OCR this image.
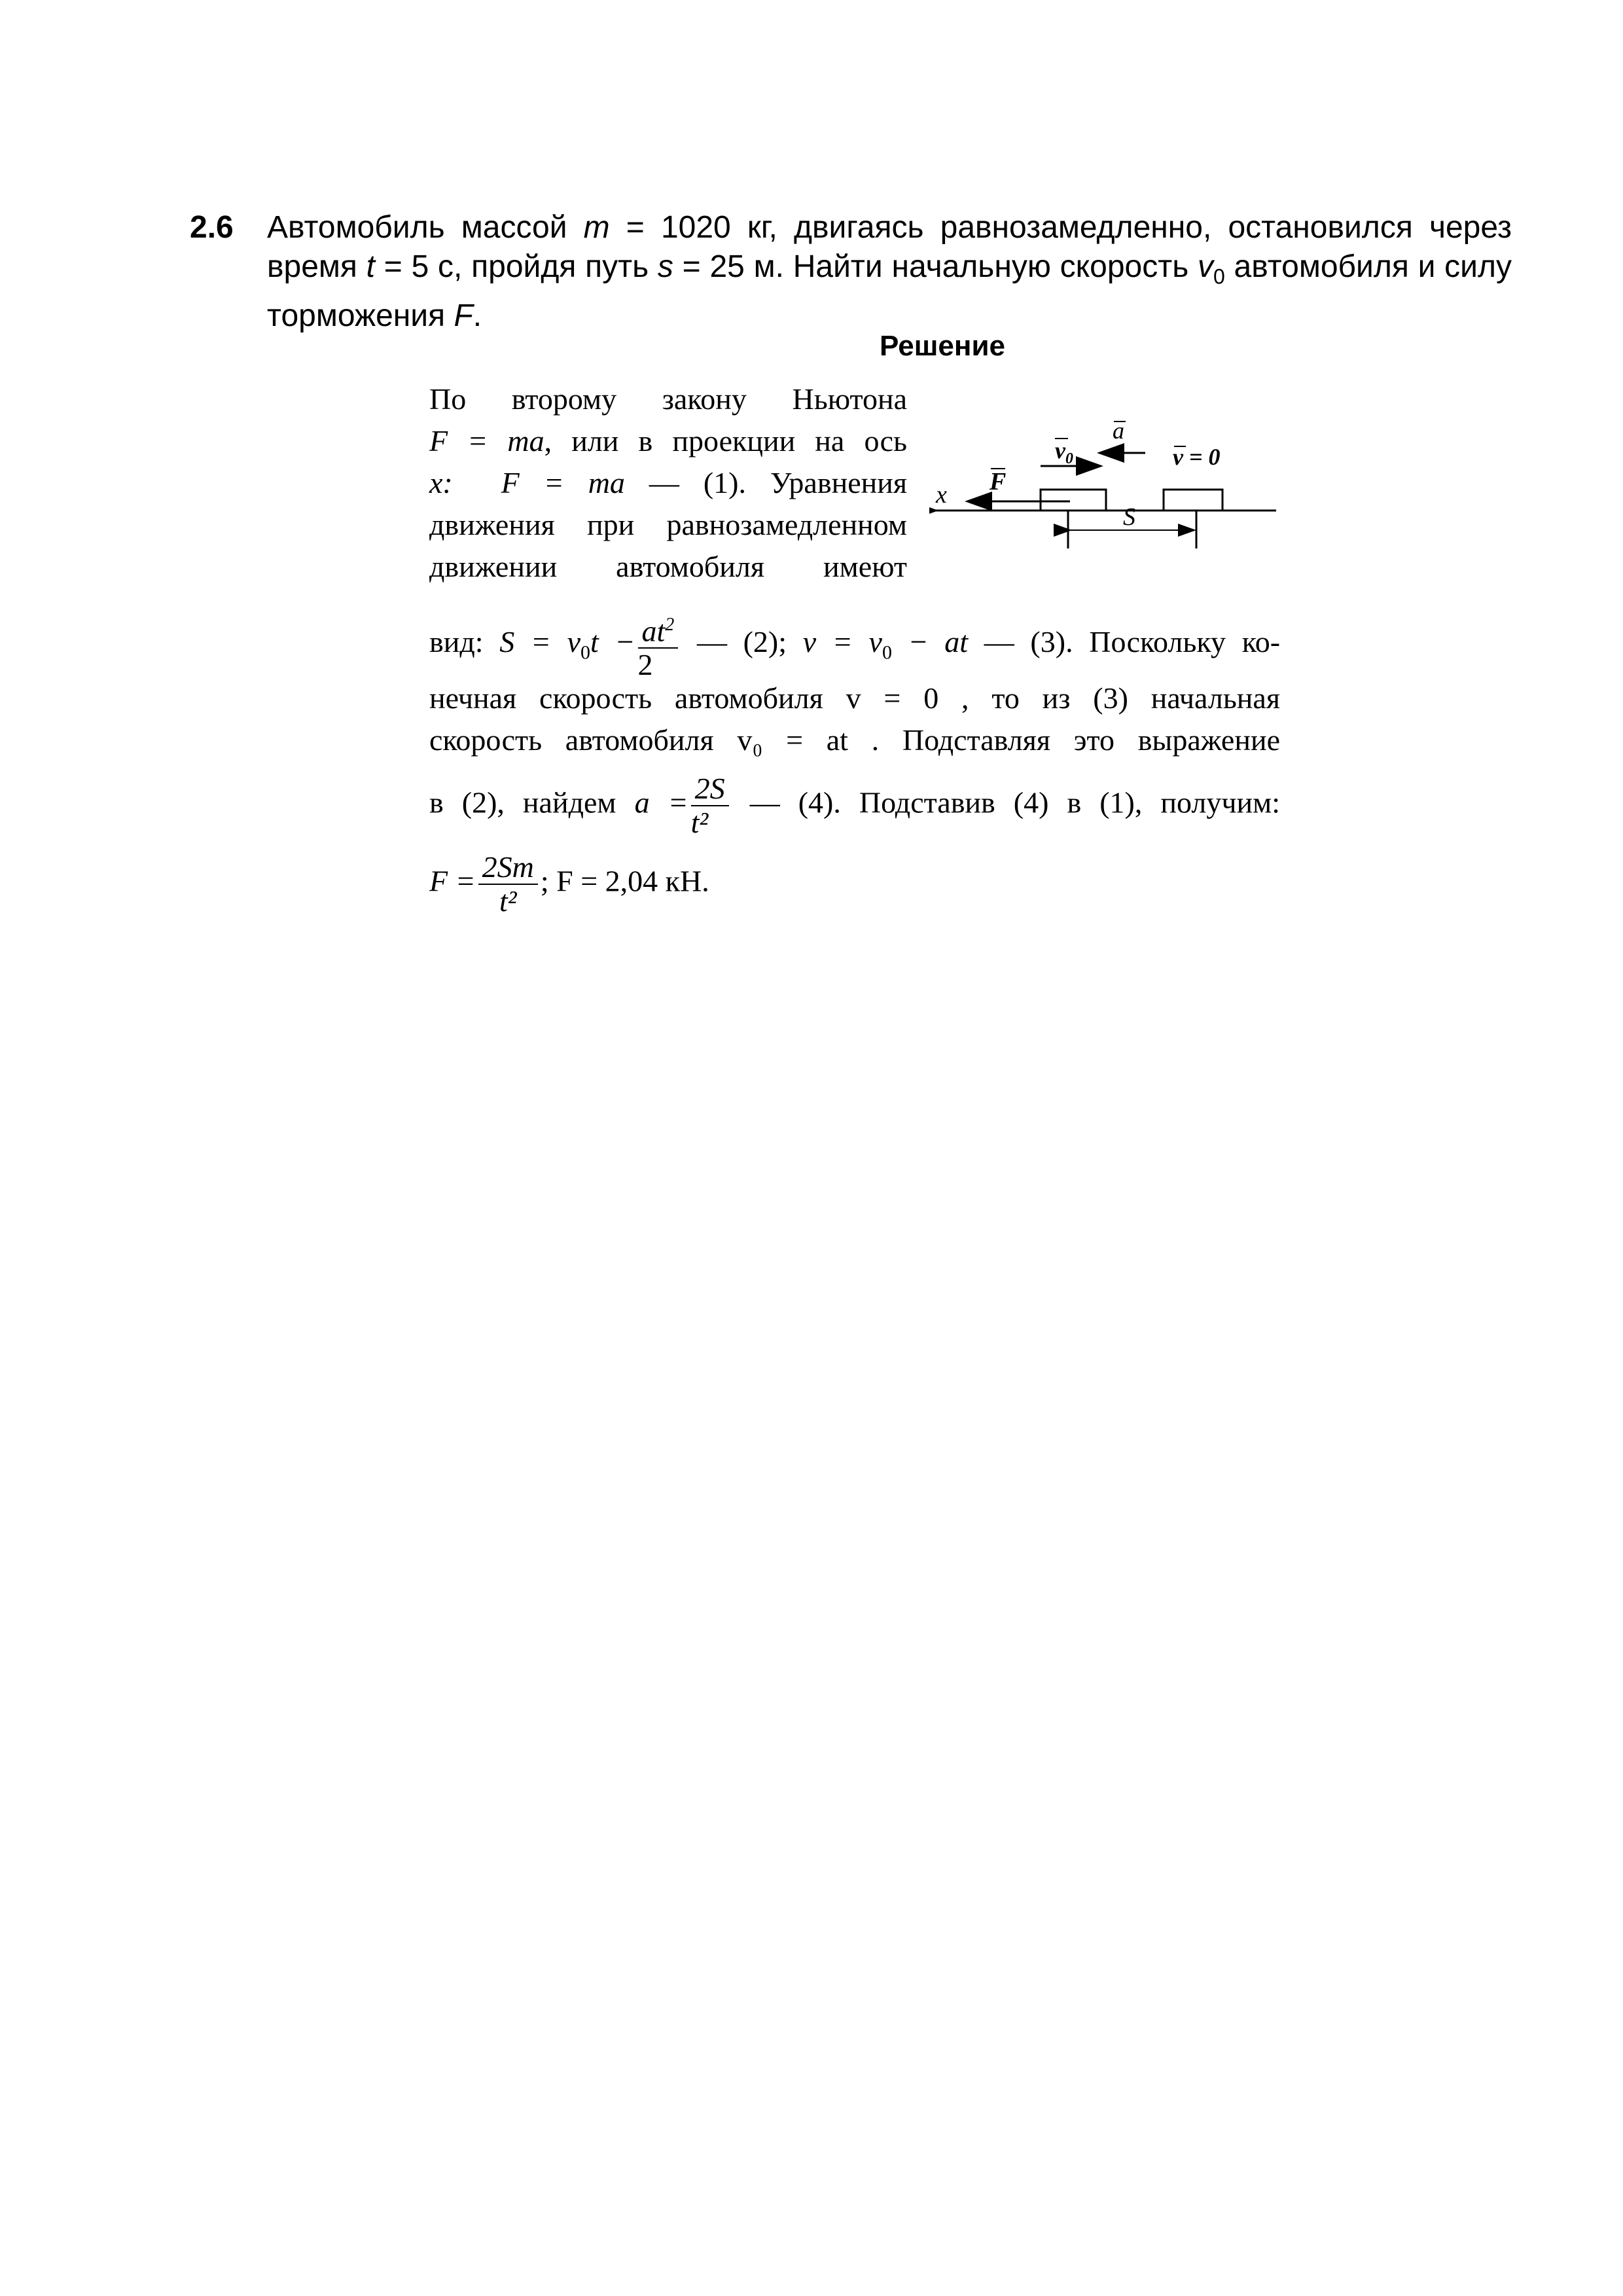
2.6 Автомобиль массой m = 1020 кг, двигаясь равнозамедленно, остановился через время t = 5 с, пройдя путь s = 25 м. Найти начальную скорость $v_0$ автомобиля и силу торможения F.
Решение
По второму закону Ньютона
F = ma, или в проекции на ось
x: F = ma — (1). Уравнения
движения при равнозамедленном
движении автомобиля имеют
x F
$v_0$
a
v = 0
S
вид: $S = v_0t - \frac{at^2}{2}$ — (2); $v = v_0$ − at — (3). Поскольку ко-
нечная скорость автомобиля v = 0 , то из (3) начальная
скорость автомобиля v₀ = at . Подставляя это выражение
в (2), найдем $a = \frac{2S}{\text{t²}}$ — (4). Подставив (4) в (1), получим:
$F = \frac{2Sm}{\text{t²}}$ ; F = 2,04 кН.
